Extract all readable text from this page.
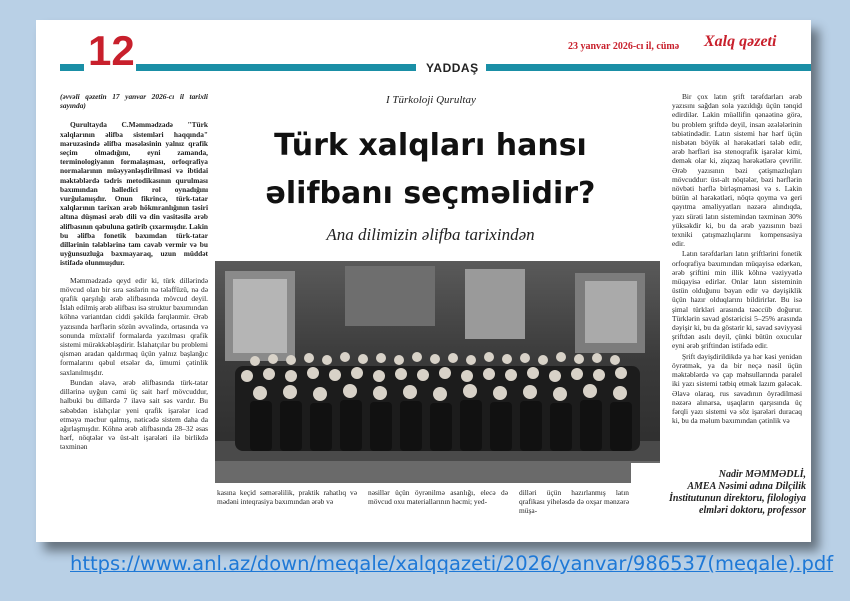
12	YADDAŞ
23 yanvar 2026-cı il, cümə Xalq qəzeti

(əvvəli qəzetin 17 yanvar 2026-cı il tarixli sayında)

Qurultayda C.Məmmədzadə "Türk xalqlarının əlifba sistemləri haqqında" məruzəsində əlifba məsələsinin yalnız qrafik seçim olmadığını, eyni zamanda, terminologiyanın formalaşması, orfoqrafiya normalarının müəyyənləşdirilməsi və ibtidai məktəblərdə tədris metodikasının qurulması baxımından həlledici rol oynadığını vurğulamışdır. Onun fikrincə, türk-tatar xalqlarının tarixən ərəb hökmranlığının təsiri altına düşməsi ərəb dili və din vasitəsilə ərəb əlifbasının qəbuluna gətirib çıxarmışdır. Lakin bu əlifba fonetik baxımdan türk-tatar dillərinin tələblərinə tam cavab vermir və bu uyğunsuzluğa baxmayaraq, uzun müddət istifadə olunmuşdur.

Məmmədzadə qeyd edir ki, türk dillərində mövcud olan bir sıra səslərin nə tələffüzü, nə də qrafik qarşılığı ərəb əlifbasında mövcud deyil. İslah edilmiş ərəb əlifbası isə struktur baxımından köhnə variantdan ciddi şəkildə fərqlənmir. Ərəb yazısında hərflərin sözün əvvəlində, ortasında və sonunda müxtəlif formalarda yazılması qrafik sistemi mürəkkəbləşdirir. İslahatçılar bu problemi qismən aradan qaldırmaq üçün yalnız başlanğıc formalarını qəbul etsələr də, ümumi çətinlik saxlanılmışdır.

Bundan əlavə, ərəb əlifbasında türk-tatar dillərinə uyğun cəmi üç sait hərf mövcuddur, halbuki bu dillərdə 7 ilavə sait səs vardır. Bu səbəbdən islahçılar yeni qrafik işarələr icad etməyə məcbur qalmış, nəticədə sistem daha da ağırlaşmışdır. Köhnə ərəb əlifbasında 28–32 əsas hərf, nöqtələr və üst-alt işarələri ilə birlikdə təxminən

I Türkoloji Qurultay
Türk xalqları hansı
əlifbanı seçməlidir?
Ana dilimizin əlifba tarixindən
Nadir MƏMMƏDLİ,
AMEA Nəsimi adına Dilçilik
İnstitutunun direktoru, filologiya
elmləri doktoru, professor
kasına keçid səmərəlilik, praktik rahatlıq və mədəni inteqrasiya baxımından ərəb və
nəsillər üçün öyrənilmə asanlığı, elecə də mövcud oxu materiallarının həcmi; yed-
dilləri üçün hazırlanmış latın qrafikası yiheləsdə də oxşar mənzərə müşa-

Bir çox latın şrift tərəfdarları ərəb yazısını sağdan sola yazıldığı üçün tənqid edirdilər. Lakin müəllifin qənaətinə görə, bu problem şriftdə deyil, insan əzələlərinin təbiətindədir. Latın sistemi hər hərf üçün nisbətən böyük əl hərəkətləri tələb edir, ərəb hərfləri isə stenoqrafik işarələr kimi, demək olar ki, ziqzaq hərəkətlərə çevrilir. Ərəb yazısının bəzi çətişmazlıqları mövcuddur: üst-alt nöqtələr, bəzi hərflərin növbəti hərflə birləşməməsi və s. Lakin bütün əl hərəkətləri, nöqtə qoyma və geri qayıtma əməliyyatları nəzərə alındıqda, yazı sürəti latın sistemindən təxminən 30% yüksəkdir ki, bu da ərəb yazısının bəzi texniki çatışmazlıqlarını kompensasiya edir.

Latın tərəfdarları latın şriftlərini fonetik orfoqrafiya baxımından müqayisə edərkən, ərəb şriftini min illik köhnə vəziyyətlə müqayisə edirlər. Onlar latın sisteminin üstün olduğunu bəyan edir və dəyişiklik üçün hazır olduqlarını bildirirlər. Bu isə şimal türkləri arasında təəccüb doğurur. Türklərin savad göstəricisi 5–25% arasında dəyişir ki, bu da göstərir ki, savad səviyyəsi şriftdən asılı deyil, çünki bütün oxucular eyni ərəb şriftindən istifadə edir.

Şrift dəyişdirildikdə ya hər kəsi yenidən öyrətmək, ya da bir neçə nəsil üçün məktəblərdə və çap məhsullarında paralel iki yazı sistemi tətbiq etmək lazım gələcək. Əlavə olaraq, rus savadının öyrədilməsi nəzərə alınarsa, uşaqların qarşısında üç fərqli yazı sistemi və söz işarələri duracaq ki, bu da məlum baxımından çətinlik və

https://www.anl.az/down/meqale/xalqqazeti/2026/yanvar/986537(meqale).pdf
